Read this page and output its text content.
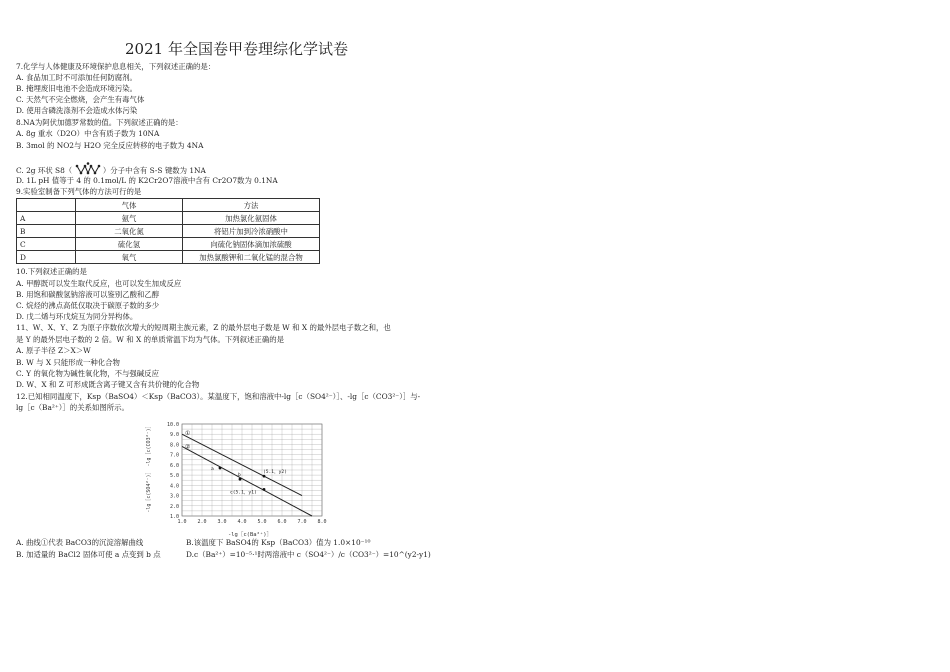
2021 年全国卷甲卷理综化学试卷
7.化学与人体健康及环境保护息息相关，下列叙述正确的是：
A. 食品加工时不可添加任何防腐剂。
B. 掩埋废旧电池不会造成环境污染。
C. 天然气不完全燃烧，会产生有毒气体
D. 使用含磷洗涤剂不会造成水体污染
8.NA为阿伏加德罗常数的值。下列叙述正确的是：
A. 8g 重水（D2O）中含有质子数为 10NA
B. 3mol 的 NO2与 H2O 完全反应转移的电子数为 4NA
C. 2g 环状 S8（	）分子中含有 S-S 键数为 1NA
D. 1L pH 值等于 4 的 0.1mol/L 的 K2Cr2O7溶液中含有 Cr2O7数为 0.1NA
9.实验室制备下列气体的方法可行的是
	气体	方法
A	氨气	加热氯化氨固体
B	二氧化氮	将铝片加到冷浓硝酸中
C	硫化氢	向硫化钠固体滴加浓硫酸
D	氧气	加热氯酸钾和二氧化锰的混合物
10.下列叙述正确的是
A. 甲醇既可以发生取代反应，也可以发生加成反应
B. 用饱和碳酸氢钠溶液可以鉴别乙酸和乙醇
C. 烷烃的沸点高低仅取决于碳原子数的多少
D. 戊二烯与环戊烷互为同分异构体。
11、W、X、Y、Z 为原子序数依次增大的短周期主族元素，Z 的最外层电子数是 W 和 X 的最外层电子数之和，也
是 Y 的最外层电子数的 2 倍。W 和 X 的单质常温下均为气体。下列叙述正确的是
A. 原子半径 Z＞X＞W
B. W 与 X 只能形成一种化合物
C. Y 的氧化物为碱性氧化物，不与强碱反应
D. W、X 和 Z 可形成既含离子键又含有共价键的化合物
12.已知相同温度下，Ksp（BaSO4）＜Ksp（BaCO3）。某温度下，饱和溶液中-lg［c（SO4²⁻）］、-lg［c（CO3²⁻）］与-
lg［c（Ba²⁺）］的关系如图所示。
a
b
(5.1，y2)
c(5.1，y1)
1.0 2.0 3.0 4.0 5.0 6.0 7.0 8.0
1.0
2.0
3.0
4.0
5.0
6.0
7.0
8.0
9.0
10.0
①
②
-lg［c(Ba²⁺)］
-lg［c(SO4²⁻)］ -lg［c(CO3²⁻)］
A. 曲线①代表 BaCO3的沉淀溶解曲线	B.该温度下 BaSO4的 Ksp（BaCO3）值为 1.0×10⁻¹⁰
B. 加适量的 BaCl2 固体可使 a 点变到 b 点	D.c（Ba²⁺）=10⁻⁵·¹时两溶液中 c（SO4²⁻）/c（CO3²⁻）=10^(y2-y1)
